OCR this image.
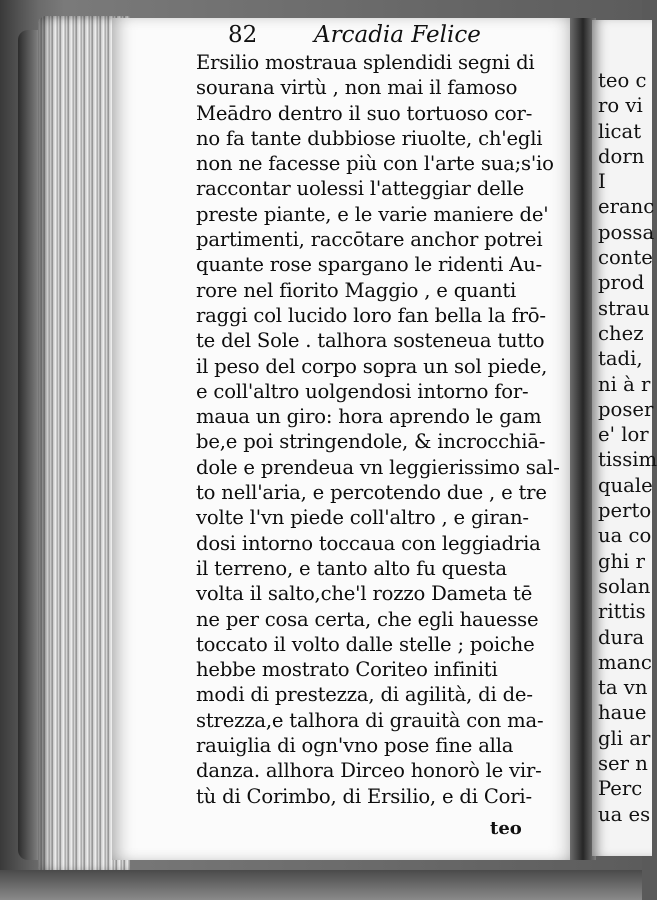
82 Arcadia Felice
Ersilio mostraua splendidi segni di
sourana virtù , non mai il famoso
Meādro dentro il suo tortuoso cor-
no fa tante dubbiose riuolte, ch'egli
non ne facesse più con l'arte sua;s'io
raccontar uolessi l'atteggiar delle
preste piante, e le varie maniere de'
partimenti, raccōtare anchor potrei
quante rose spargano le ridenti Au-
rore nel fiorito Maggio , e quanti
raggi col lucido loro fan bella la frō-
te del Sole . talhora sosteneua tutto
il peso del corpo sopra un sol piede,
e coll'altro uolgendosi intorno for-
maua un giro: hora aprendo le gam
be,e poi stringendole, & incrocchiā-
dole e prendeua vn leggierissimo sal-
to nell'aria, e percotendo due , e tre
volte l'vn piede coll'altro , e giran-
dosi intorno toccaua con leggiadria
il terreno, e tanto alto fu questa
volta il salto,che'l rozzo Dameta tē
ne per cosa certa, che egli hauesse
toccato il volto dalle stelle ; poiche
hebbe mostrato Coriteo infiniti
modi di prestezza, di agilità, di de-
strezza,e talhora di grauità con ma-
rauiglia di ogn'vno pose fine alla
danza. allhora Dirceo honorò le vir-
tù di Corimbo, di Ersilio, e di Cori-
teo
teo c
ro vi
licat
dorn
I
eranc
possa
conte
prod
strau
chez
tadi,
ni à r
poser
e' lor
tissim
quale
perto
ua co
ghi r
solan
rittis
dura
manc
ta vn
haue
gli ar
ser n
Perc
ua es
